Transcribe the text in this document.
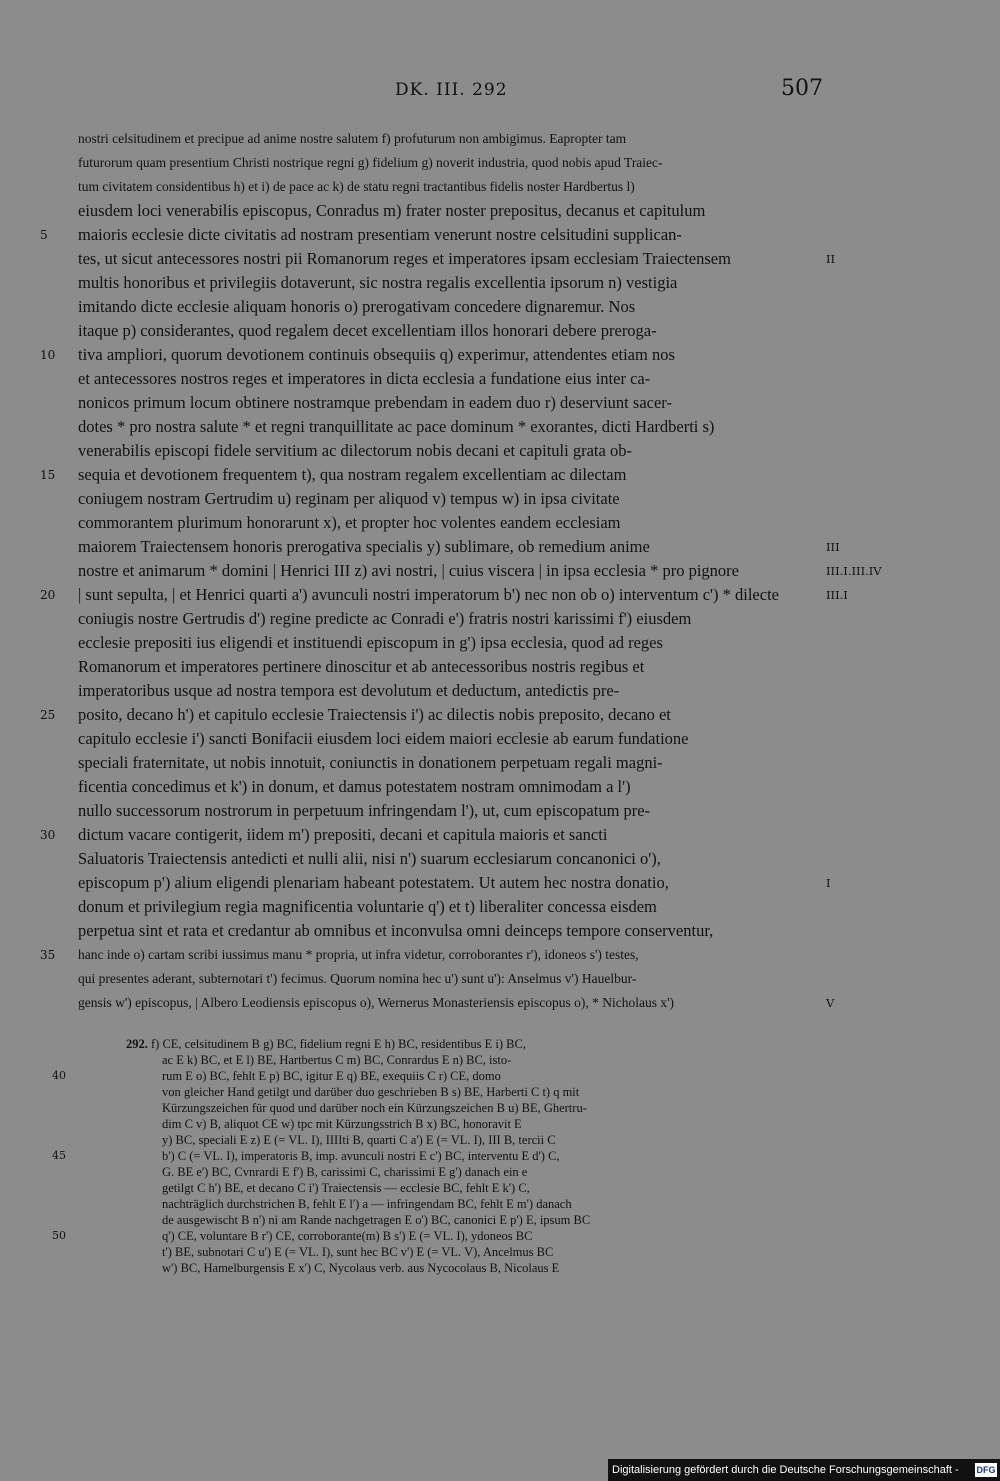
DK. III. 292	507
nostri celsitudinem et precipue ad anime nostre salutem f) profuturum non ambigimus. Eapropter tam
futurorum quam presentium Christi nostrique regni g) fidelium g) noverit industria, quod nobis apud Traiec-
tum civitatem considentibus h) et i) de pace ac k) de statu regni tractantibus fidelis noster Hardbertus l)
eiusdem loci venerabilis episcopus, Conradus m) frater noster prepositus, decanus et capitulum
5	maioris ecclesie dicte civitatis ad nostram presentiam venerunt nostre celsitudini supplican-
tes, ut sicut antecessores nostri pii Romanorum reges et imperatores ipsam ecclesiam Traiectensem	II
multis honoribus et privilegiis dotaverunt, sic nostra regalis excellentia ipsorum n) vestigia
imitando dicte ecclesie aliquam honoris o) prerogativam concedere dignaremur. Nos
itaque p) considerantes, quod regalem decet excellentiam illos honorari debere preroga-
10	tiva ampliori, quorum devotionem continuis obsequiis q) experimur, attendentes etiam nos
et antecessores nostros reges et imperatores in dicta ecclesia a fundatione eius inter ca-
nonicos primum locum obtinere nostramque prebendam in eadem duo r) deserviunt sacer-
dotes * pro nostra salute * et regni tranquillitate ac pace dominum * exorantes, dicti Hardberti s)
venerabilis episcopi fidele servitium ac dilectorum nobis decani et capituli grata ob-
15	sequia et devotionem frequentem t), qua nostram regalem excellentiam ac dilectam
coniugem nostram Gertrudim u) reginam per aliquod v) tempus w) in ipsa civitate
commorantem plurimum honorarunt x), et propter hoc volentes eandem ecclesiam
maiorem Traiectensem honoris prerogativa specialis y) sublimare, ob remedium anime	III
nostre et animarum * domini | Henrici III z) avi nostri, | cuius viscera | in ipsa ecclesia * pro pignore	III.I.III.IV
20	| sunt sepulta, | et Henrici quarti a') avunculi nostri imperatorum b') nec non ob o) interventum c') * dilecte	III.I
coniugis nostre Gertrudis d') regine predicte ac Conradi e') fratris nostri karissimi f') eiusdem
ecclesie prepositi ius eligendi et instituendi episcopum in g') ipsa ecclesia, quod ad reges
Romanorum et imperatores pertinere dinoscitur et ab antecessoribus nostris regibus et
imperatoribus usque ad nostra tempora est devolutum et deductum, antedictis pre-
25	posito, decano h') et capitulo ecclesie Traiectensis i') ac dilectis nobis preposito, decano et
capitulo ecclesie i') sancti Bonifacii eiusdem loci eidem maiori ecclesie ab earum fundatione
speciali fraternitate, ut nobis innotuit, coniunctis in donationem perpetuam regali magni-
ficentia concedimus et k') in donum, et damus potestatem nostram omnimodam a l')
nullo successorum nostrorum in perpetuum infringendam l'), ut, cum episcopatum pre-
30	dictum vacare contigerit, iidem m') prepositi, decani et capitula maioris et sancti
Saluatoris Traiectensis antedicti et nulli alii, nisi n') suarum ecclesiarum concanonici o'),
episcopum p') alium eligendi plenariam habeant potestatem. Ut autem hec nostra donatio,	I
donum et privilegium regia magnificentia voluntarie q') et t) liberaliter concessa eisdem
perpetua sint et rata et credantur ab omnibus et inconvulsa omni deinceps tempore conserventur,
35	hanc inde o) cartam scribi iussimus manu * propria, ut infra videtur, corroborantes r'), idoneos s') testes,
qui presentes aderant, subternotari t') fecimus. Quorum nomina hec u') sunt u'): Anselmus v') Hauelbur-
gensis w') episcopus, | Albero Leodiensis episcopus o), Wernerus Monasteriensis episcopus o), * Nicholaus x')	V
292. f) CE, celsitudinem B g) BC, fidelium regni E h) BC, residentibus E i) BC,
ac E k) BC, et E l) BE, Hartbertus C m) BC, Conrardus E n) BC, isto-
40	rum E o) BC, fehlt E p) BC, igitur E q) BE, exequiis C r) CE, domo
von gleicher Hand getilgt und darüber duo geschrieben B s) BE, Harberti C t) q mit
Kürzungszeichen für quod und darüber noch ein Kürzungszeichen B u) BE, Ghertru-
dim C v) B, aliquot CE w) tpc mit Kürzungsstrich B x) BC, honoravit E
y) BC, speciali E z) E (= VL. I), IIIIti B, quarti C a') E (= VL. I), III B, tercii C
45	b') C (= VL. I), imperatoris B, imp. avunculi nostri E c') BC, interventu E d') C,
G. BE e') BC, Cvnrardi E f') B, carissimi C, charissimi E g') danach ein e
getilgt C h') BE, et decano C i') Traiectensis — ecclesie BC, fehlt E k') C,
nachträglich durchstrichen B, fehlt E l') a — infringendam BC, fehlt E m') danach
de ausgewischt B n') ni am Rande nachgetragen E o') BC, canonici E p') E, ipsum BC
50	q') CE, voluntare B r') CE, corroborante(m) B s') E (= VL. I), ydoneos BC
t') BE, subnotari C u') E (= VL. I), sunt hec BC v') E (= VL. V), Ancelmus BC
w') BC, Hamelburgensis E x') C, Nycolaus verb. aus Nycocolaus B, Nicolaus E
Digitalisierung gefördert durch die Deutsche Forschungsgemeinschaft - DFG
